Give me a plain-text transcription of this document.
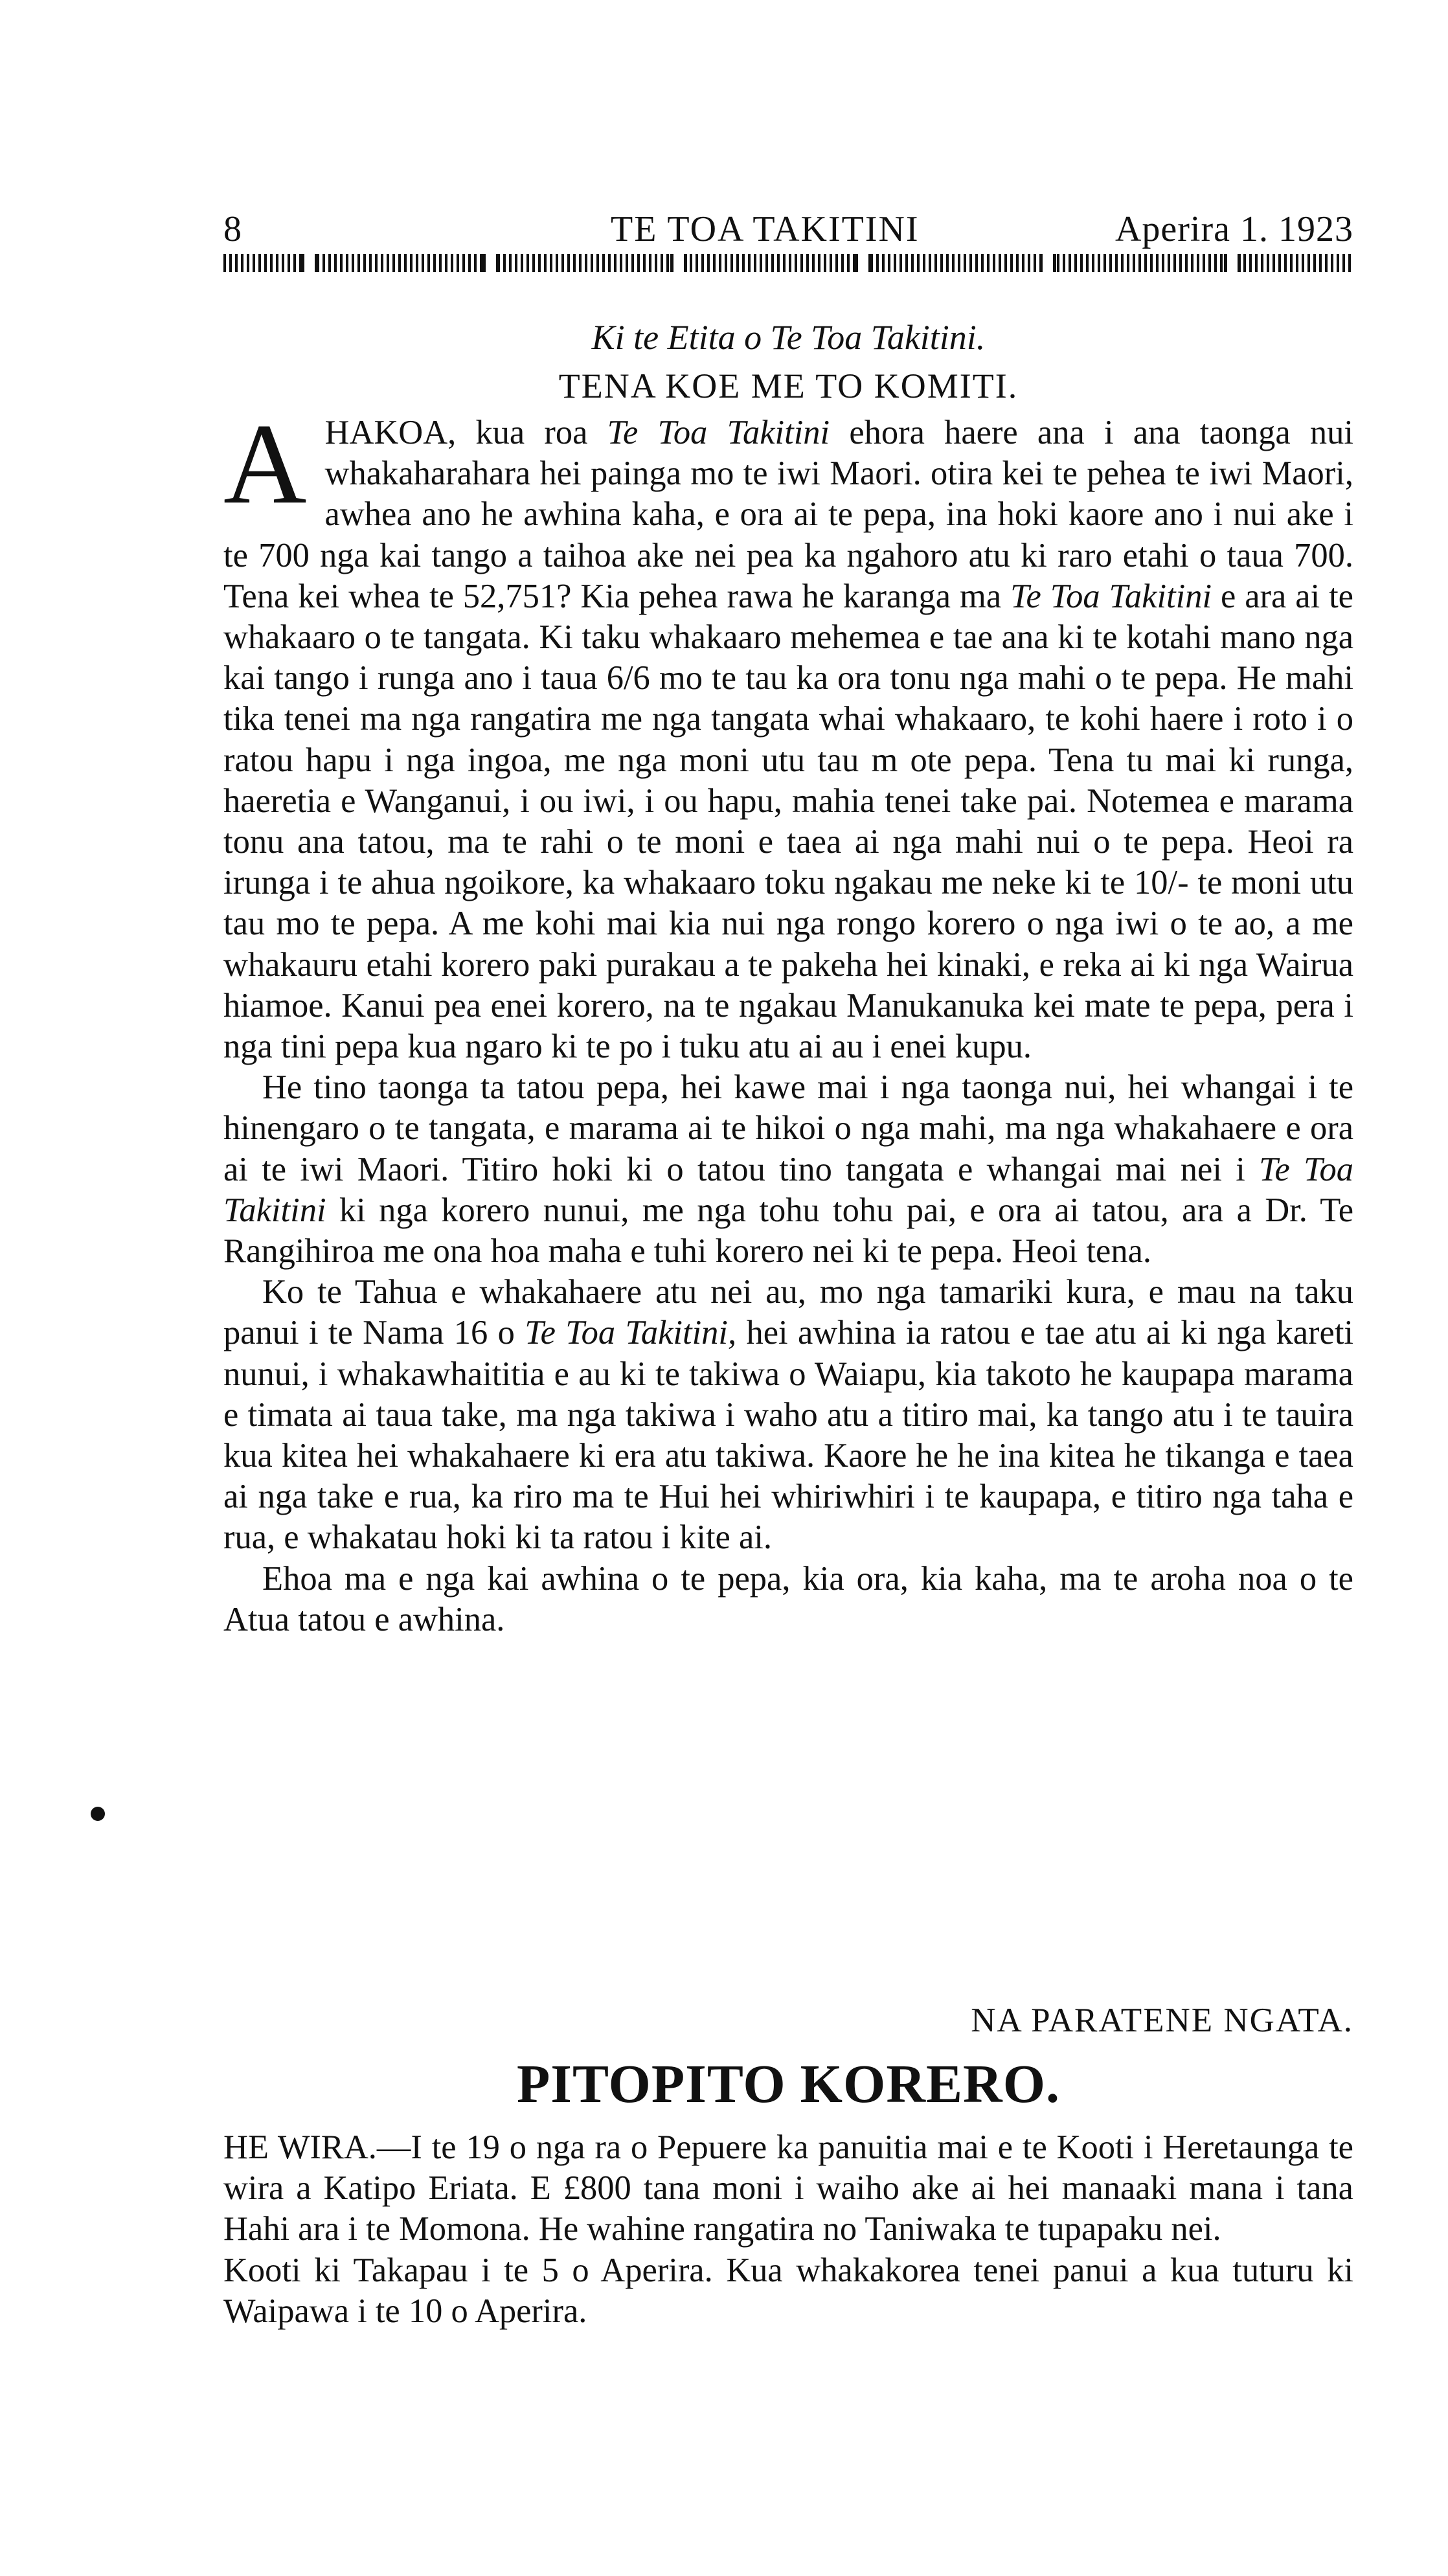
8	TE TOA TAKITINI	Aperira 1. 1923
Ki te Etita o Te Toa Takitini.
TENA KOE ME TO KOMITI.

AHAKOA, kua roa Te Toa Takitini ehora haere ana i ana taonga nui whakaharahara hei painga mo te iwi Maori. otira kei te pehea te iwi Maori, awhea ano he awhina kaha, e ora ai te pepa, ina hoki kaore ano i nui ake i te 700 nga kai tango a taihoa ake nei pea ka ngahoro atu ki raro etahi o taua 700. Tena kei whea te 52,751? Kia pehea rawa he karanga ma Te Toa Takitini e ara ai te whakaaro o te tangata. Ki taku whakaaro mehemea e tae ana ki te kotahi mano nga kai tango i runga ano i taua 6/6 mo te tau ka ora tonu nga mahi o te pepa. He mahi tika tenei ma nga rangatira me nga tangata whai whakaaro, te kohi haere i roto i o ratou hapu i nga ingoa, me nga moni utu tau m ote pepa. Tena tu mai ki runga, haeretia e Wanganui, i ou iwi, i ou hapu, mahia tenei take pai. Notemea e marama tonu ana tatou, ma te rahi o te moni e taea ai nga mahi nui o te pepa. Heoi ra irunga i te ahua ngoikore, ka whakaaro toku ngakau me neke ki te 10/- te moni utu tau mo te pepa. A me kohi mai kia nui nga rongo korero o nga iwi o te ao, a me whakauru etahi korero paki purakau a te pakeha hei kinaki, e reka ai ki nga Wairua hiamoe. Kanui pea enei korero, na te ngakau Manukanuka kei mate te pepa, pera i nga tini pepa kua ngaro ki te po i tuku atu ai au i enei kupu.

He tino taonga ta tatou pepa, hei kawe mai i nga taonga nui, hei whangai i te hinengaro o te tangata, e marama ai te hikoi o nga mahi, ma nga whakahaere e ora ai te iwi Maori. Titiro hoki ki o tatou tino tangata e whangai mai nei i Te Toa Takitini ki nga korero nunui, me nga tohu tohu pai, e ora ai tatou, ara a Dr. Te Rangihiroa me ona hoa maha e tuhi korero nei ki te pepa. Heoi tena.

Ko te Tahua e whakahaere atu nei au, mo nga tamariki kura, e mau na taku panui i te Nama 16 o Te Toa Takitini, hei awhina ia ratou e tae atu ai ki nga kareti nunui, i whakawhaititia e au ki te takiwa o Waiapu, kia takoto he kaupapa marama e timata ai taua take, ma nga takiwa i waho atu a titiro mai, ka tango atu i te tauira kua kitea hei whakahaere ki era atu takiwa. Kaore he he ina kitea he tikanga e taea ai nga take e rua, ka riro ma te Hui hei whiriwhiri i te kaupapa, e titiro nga taha e rua, e whakatau hoki ki ta ratou i kite ai.

Ehoa ma e nga kai awhina o te pepa, kia ora, kia kaha, ma te aroha noa o te Atua tatou e awhina.

NA PARATENE NGATA.
PITOPITO KORERO.

HE WIRA.—I te 19 o nga ra o Pepuere ka panuitia mai e te Kooti i Heretaunga te wira a Katipo Eriata. E £800 tana moni i waiho ake ai hei manaaki mana i tana Hahi ara i te Momona. He wahine rangatira no Taniwaka te tupapaku nei.

Kooti ki Takapau i te 5 o Aperira. Kua whakakorea tenei panui a kua tuturu ki Waipawa i te 10 o Aperira.
